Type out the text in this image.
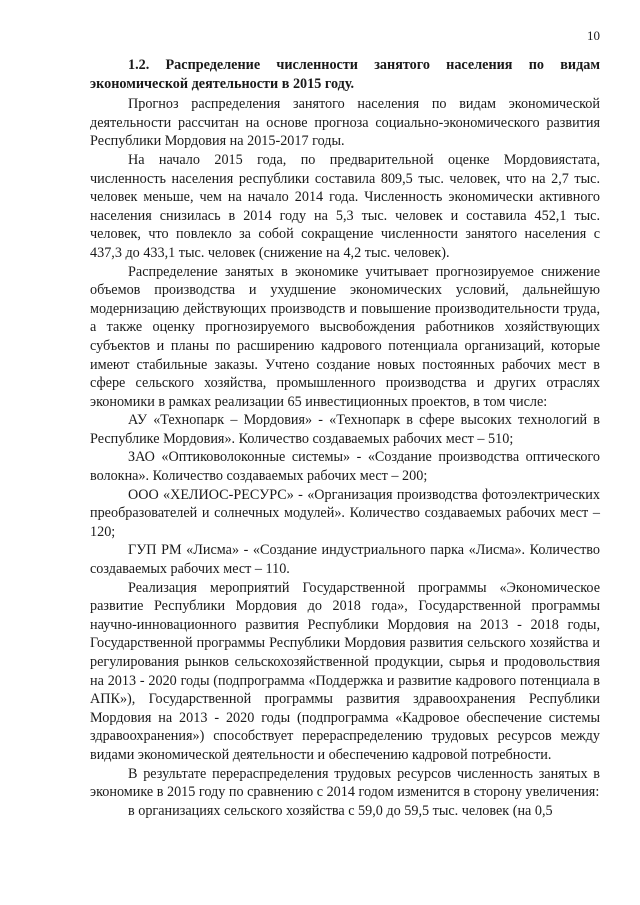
10

1.2. Распределение численности занятого населения по видам экономической деятельности в 2015 году.

Прогноз распределения занятого населения по видам экономической деятельности рассчитан на основе прогноза социально-экономического развития Республики Мордовия на 2015-2017 годы.

На начало 2015 года, по предварительной оценке Мордовиястата, численность населения республики составила 809,5 тыс. человек, что на 2,7 тыс. человек меньше, чем на начало 2014 года. Численность экономически активного населения снизилась в 2014 году на 5,3 тыс. человек и составила 452,1 тыс. человек, что повлекло за собой сокращение численности занятого населения с 437,3 до 433,1 тыс. человек (снижение на 4,2 тыс. человек).

Распределение занятых в экономике учитывает прогнозируемое снижение объемов производства и ухудшение экономических условий, дальнейшую модернизацию действующих производств и повышение производительности труда, а также оценку прогнозируемого высвобождения работников хозяйствующих субъектов и планы по расширению кадрового потенциала организаций, которые имеют стабильные заказы. Учтено создание новых постоянных рабочих мест в сфере сельского хозяйства, промышленного производства и других отраслях экономики в рамках реализации 65 инвестиционных проектов, в том числе:

АУ «Технопарк – Мордовия» - «Технопарк в сфере высоких технологий в Республике Мордовия». Количество создаваемых рабочих мест – 510;

ЗАО «Оптиковолоконные системы» - «Создание производства оптического волокна». Количество создаваемых рабочих мест – 200;

ООО «ХЕЛИОС-РЕСУРС» - «Организация производства фотоэлектрических преобразователей и солнечных модулей». Количество создаваемых рабочих мест – 120;

ГУП РМ «Лисма» - «Создание индустриального парка «Лисма». Количество создаваемых рабочих мест – 110.

Реализация мероприятий Государственной программы «Экономическое развитие Республики Мордовия до 2018 года», Государственной программы научно-инновационного развития Республики Мордовия на 2013 - 2018 годы, Государственной программы Республики Мордовия развития сельского хозяйства и регулирования рынков сельскохозяйственной продукции, сырья и продовольствия на 2013 - 2020 годы (подпрограмма «Поддержка и развитие кадрового потенциала в АПК»), Государственной программы развития здравоохранения Республики Мордовия на 2013 - 2020 годы (подпрограмма «Кадровое обеспечение системы здравоохранения») способствует перераспределению трудовых ресурсов между видами экономической деятельности и обеспечению кадровой потребности.

В результате перераспределения трудовых ресурсов численность занятых в экономике в 2015 году по сравнению с 2014 годом изменится в сторону увеличения:

в организациях сельского хозяйства с 59,0 до 59,5 тыс. человек (на 0,5
